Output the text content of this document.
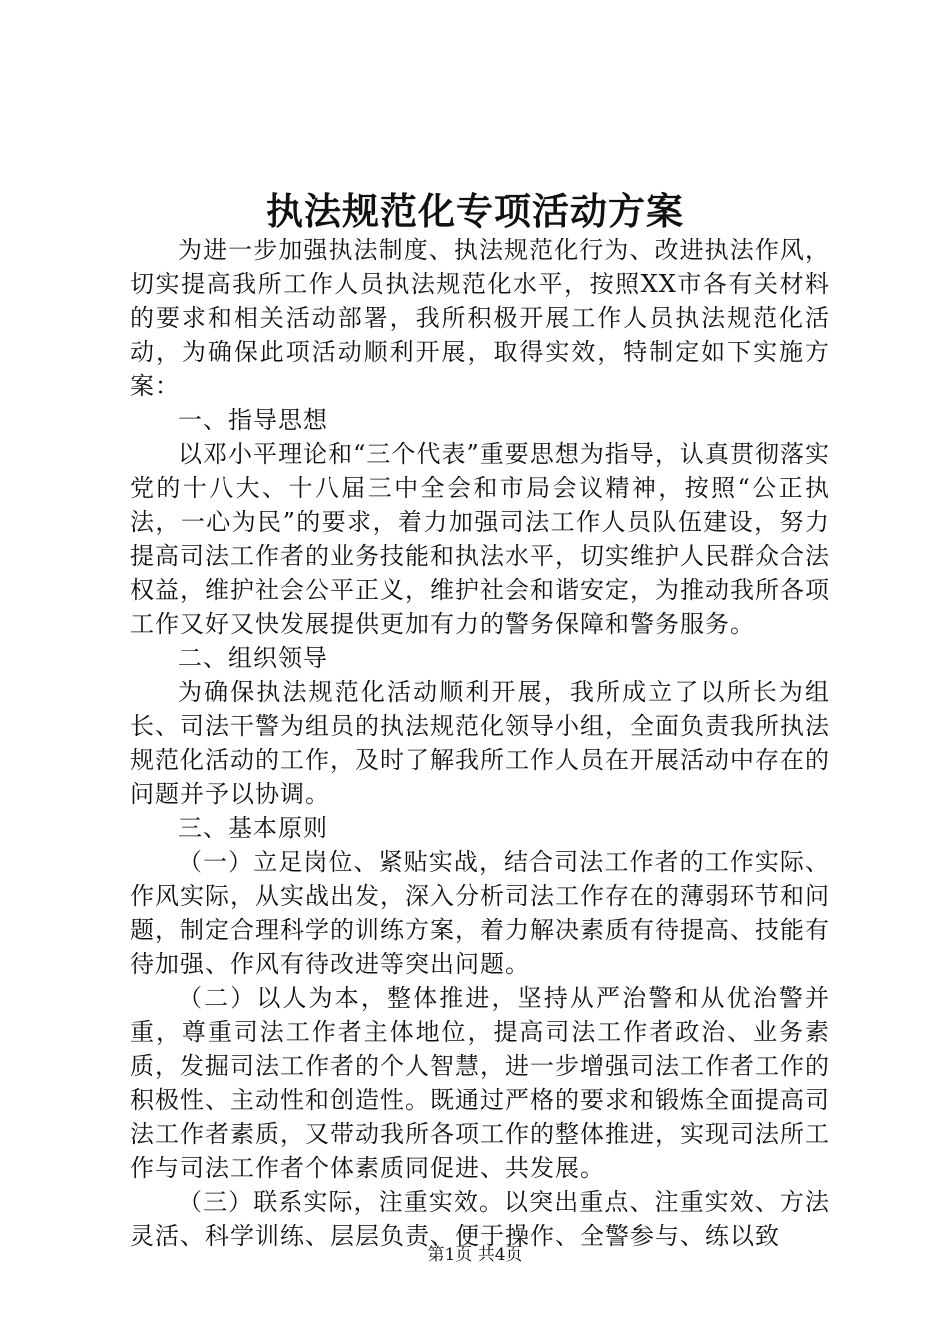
执法规范化专项活动方案

为进一步加强执法制度、执法规范化行为、改进执法作风，切实提高我所工作人员执法规范化水平，按照XX市各有关材料的要求和相关活动部署，我所积极开展工作人员执法规范化活动，为确保此项活动顺利开展，取得实效，特制定如下实施方案：

一、指导思想

以邓小平理论和“三个代表”重要思想为指导，认真贯彻落实党的十八大、十八届三中全会和市局会议精神，按照“公正执法，一心为民”的要求，着力加强司法工作人员队伍建设，努力提高司法工作者的业务技能和执法水平，切实维护人民群众合法权益，维护社会公平正义，维护社会和谐安定，为推动我所各项工作又好又快发展提供更加有力的警务保障和警务服务。

二、组织领导

为确保执法规范化活动顺利开展，我所成立了以所长为组长、司法干警为组员的执法规范化领导小组，全面负责我所执法规范化活动的工作，及时了解我所工作人员在开展活动中存在的问题并予以协调。

三、基本原则

（一）立足岗位、紧贴实战，结合司法工作者的工作实际、作风实际，从实战出发，深入分析司法工作存在的薄弱环节和问题，制定合理科学的训练方案，着力解决素质有待提高、技能有待加强、作风有待改进等突出问题。

（二）以人为本，整体推进，坚持从严治警和从优治警并重，尊重司法工作者主体地位，提高司法工作者政治、业务素质，发掘司法工作者的个人智慧，进一步增强司法工作者工作的积极性、主动性和创造性。既通过严格的要求和锻炼全面提高司法工作者素质，又带动我所各项工作的整体推进，实现司法所工作与司法工作者个体素质同促进、共发展。

（三）联系实际，注重实效。以突出重点、注重实效、方法灵活、科学训练、层层负责、便于操作、全警参与、练以致

第1页 共4页
